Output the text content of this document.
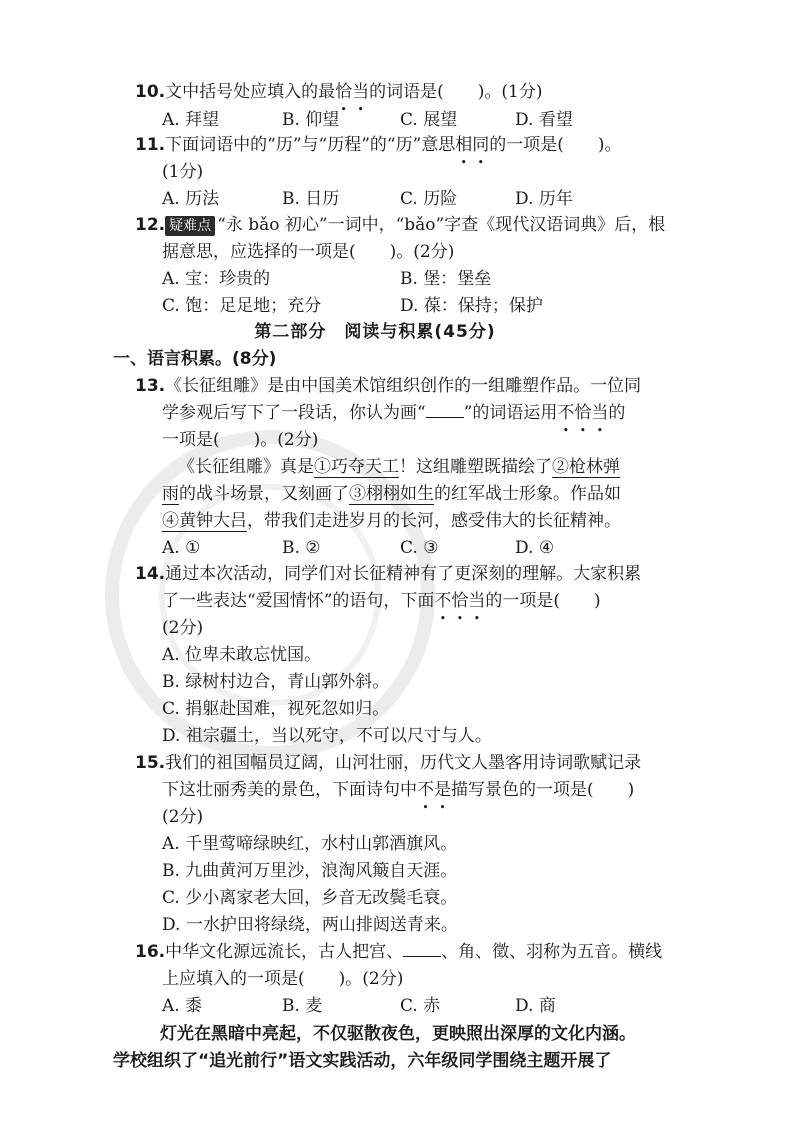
10.文中括号处应填入的最恰当的词语是(　　)。(1分)
A. 拜望	B. 仰望	C. 展望	D. 看望
11.下面词语中的“历”与“历程”的“历”意思相同的一项是(　　)。
(1分)
A. 历法	B. 日历	C. 历险	D. 历年
12. 疑难点 “永 bǎo 初心”一词中，“bǎo”字查《现代汉语词典》后，根
据意思，应选择的一项是(　　)。(2分)
A. 宝：珍贵的	B. 堡：堡垒
C. 饱：足足地；充分	D. 葆：保持；保护
第二部分　阅读与积累(45分)
一、语言积累。(8分)
13.《长征组雕》是由中国美术馆组织创作的一组雕塑作品。一位同
学参观后写下了一段话，你认为画“ ”的词语运用不恰当的
一项是(　　)。(2分)
《长征组雕》真是①巧夺天工！这组雕塑既描绘了②枪林弹
雨的战斗场景，又刻画了③栩栩如生的红军战士形象。作品如
④黄钟大吕，带我们走进岁月的长河，感受伟大的长征精神。
A. ①	B. ②	C. ③	D. ④
14.通过本次活动，同学们对长征精神有了更深刻的理解。大家积累
了一些表达“爱国情怀”的语句，下面不恰当的一项是(　　)
(2分)
A. 位卑未敢忘忧国。
B. 绿树村边合，青山郭外斜。
C. 捐躯赴国难，视死忽如归。
D. 祖宗疆土，当以死守，不可以尺寸与人。
15.我们的祖国幅员辽阔，山河壮丽，历代文人墨客用诗词歌赋记录
下这壮丽秀美的景色，下面诗句中不是描写景色的一项是(　　)
(2分)
A. 千里莺啼绿映红，水村山郭酒旗风。
B. 九曲黄河万里沙，浪淘风簸自天涯。
C. 少小离家老大回，乡音无改鬓毛衰。
D. 一水护田将绿绕，两山排闼送青来。
16.中华文化源远流长，古人把宫、 、角、徵、羽称为五音。横线
上应填入的一项是(　　)。(2分)
A. 黍	B. 麦	C. 赤	D. 商
灯光在黑暗中亮起，不仅驱散夜色，更映照出深厚的文化内涵。
学校组织了“追光前行”语文实践活动，六年级同学围绕主题开展了
